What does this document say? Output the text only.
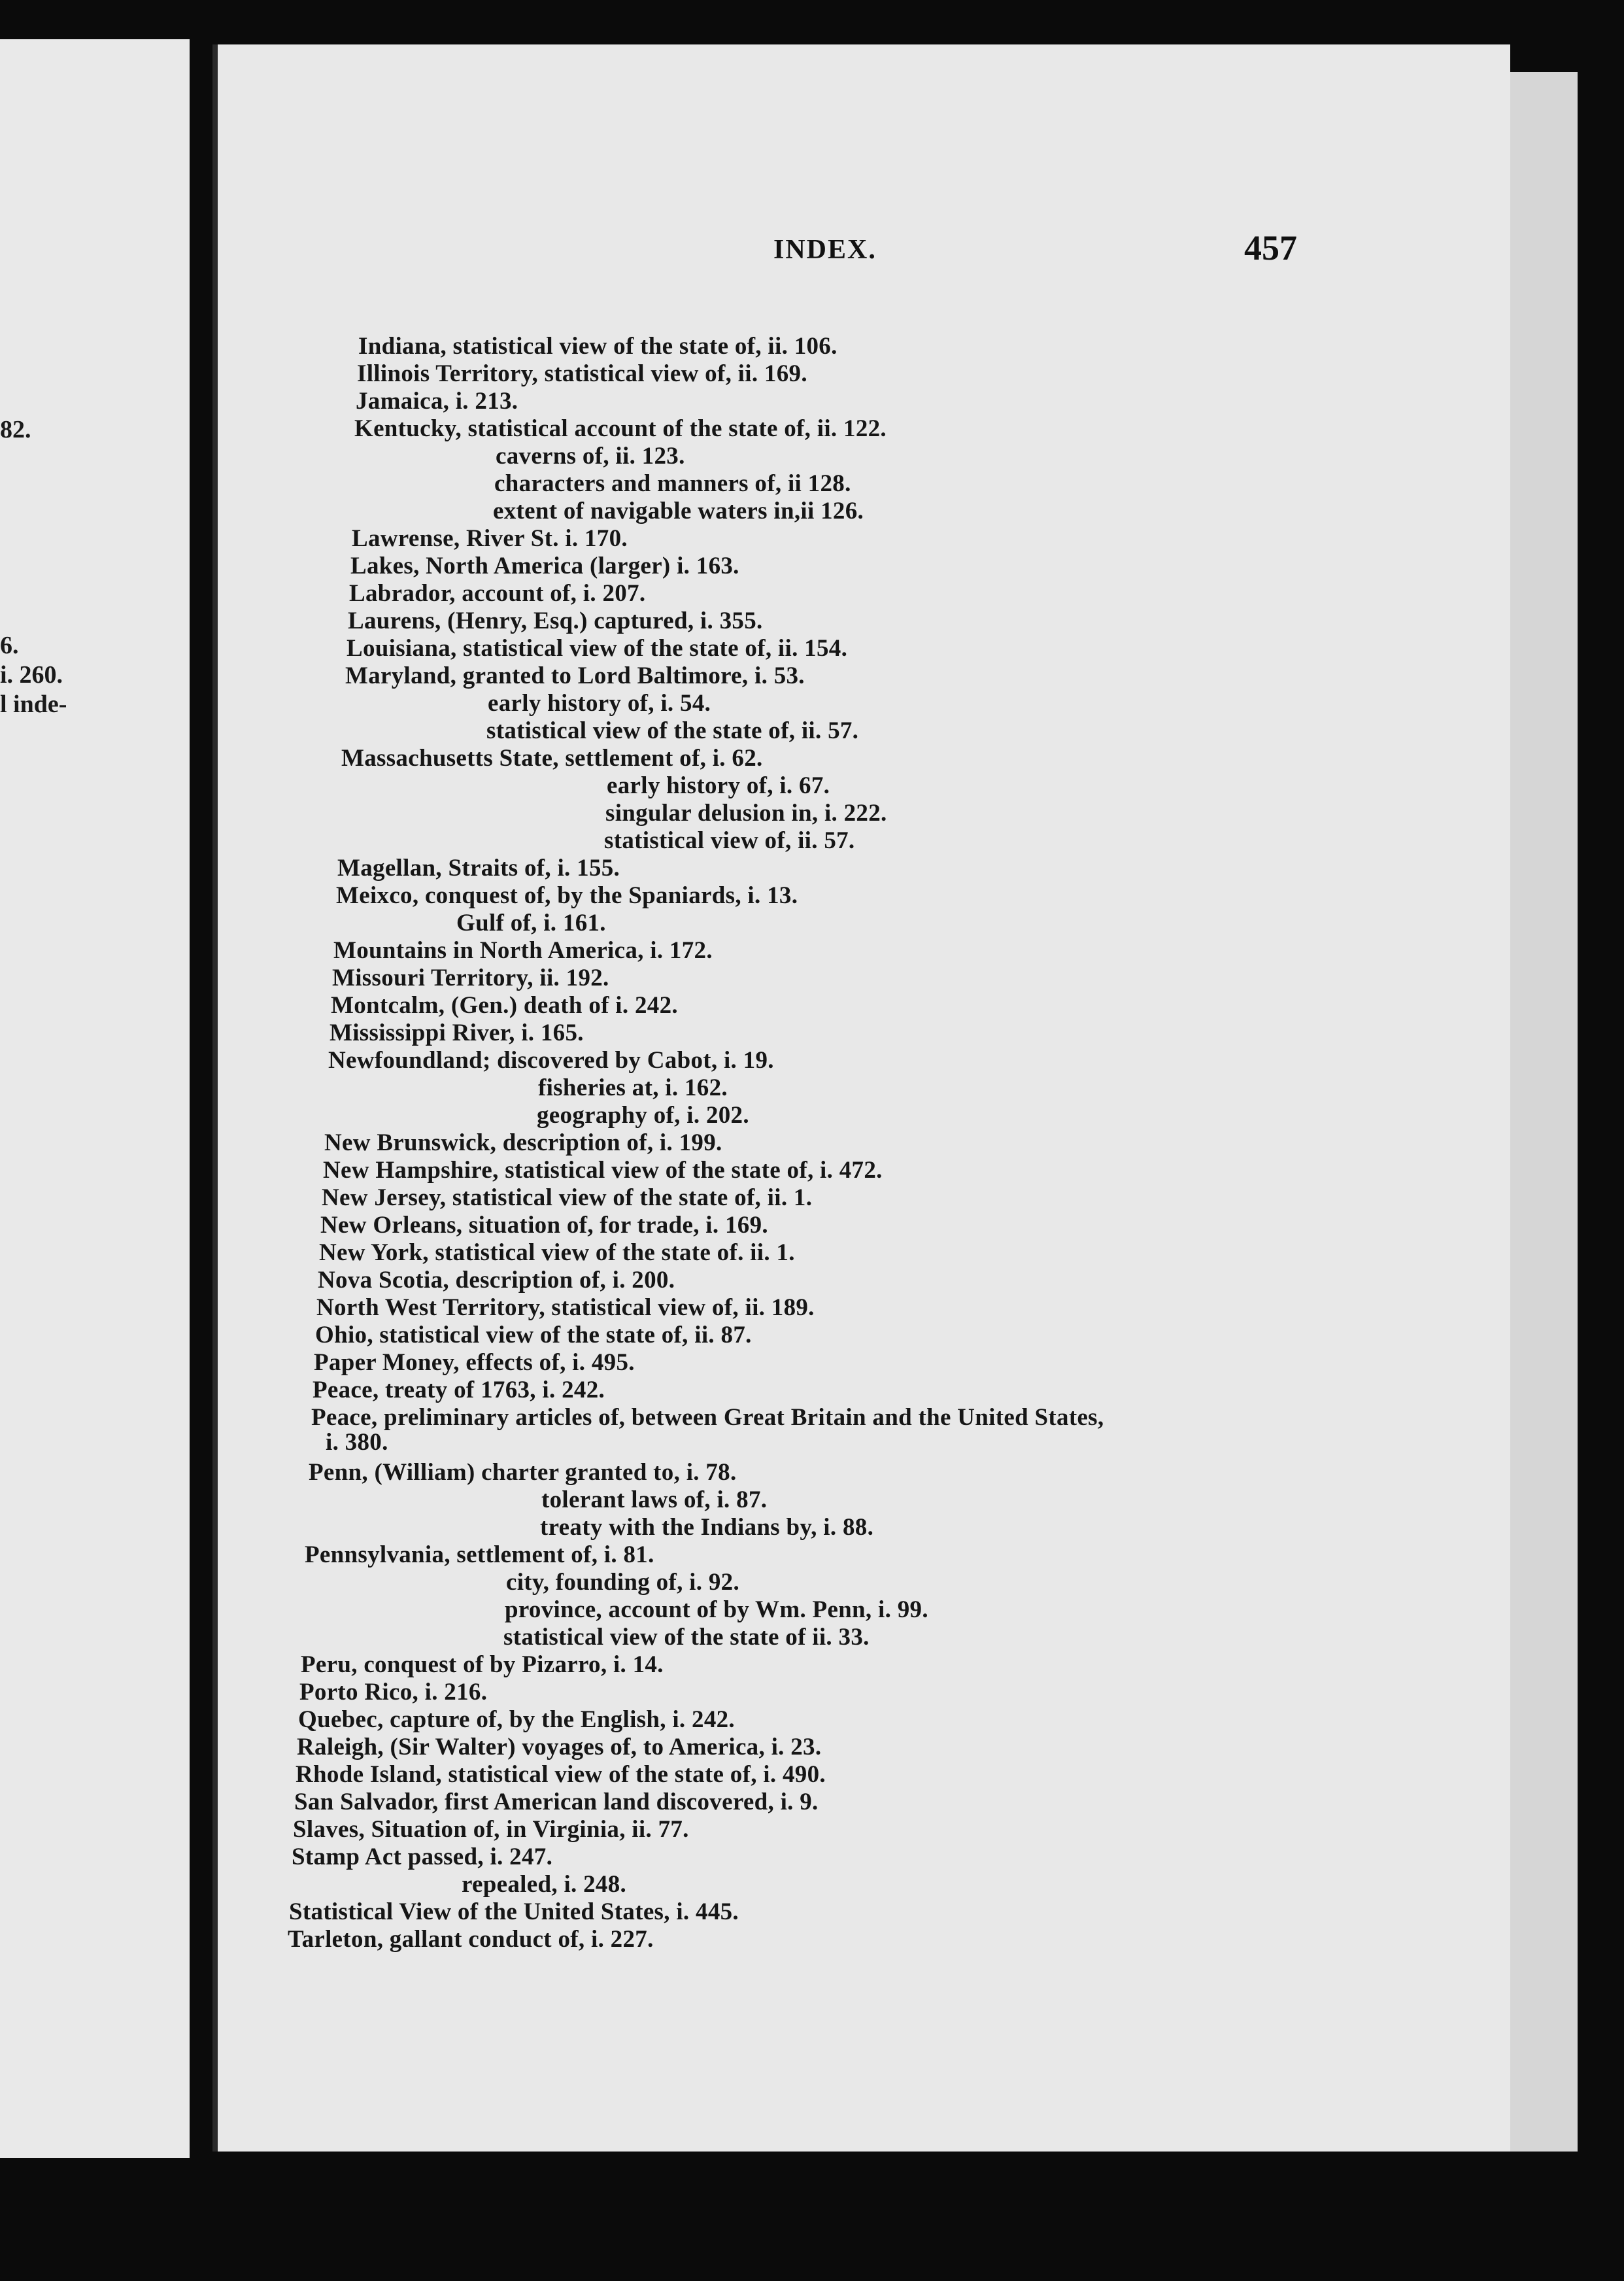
82.
6.
i. 260.
l inde-
INDEX.	457
Indiana, statistical view of the state of, ii. 106.
Illinois Territory, statistical view of, ii. 169.
Jamaica, i. 213.
Kentucky, statistical account of the state of, ii. 122.
caverns of, ii. 123.
characters and manners of, ii 128.
extent of navigable waters in,ii 126.
Lawrense, River St. i. 170.
Lakes, North America (larger) i. 163.
Labrador, account of, i. 207.
Laurens, (Henry, Esq.) captured, i. 355.
Louisiana, statistical view of the state of, ii. 154.
Maryland, granted to Lord Baltimore, i. 53.
early history of, i. 54.
statistical view of the state of, ii. 57.
Massachusetts State, settlement of, i. 62.
early history of, i. 67.
singular delusion in, i. 222.
statistical view of, ii. 57.
Magellan, Straits of, i. 155.
Meixco, conquest of, by the Spaniards, i. 13.
Gulf of, i. 161.
Mountains in North America, i. 172.
Missouri Territory, ii. 192.
Montcalm, (Gen.) death of i. 242.
Mississippi River, i. 165.
Newfoundland; discovered by Cabot, i. 19.
fisheries at, i. 162.
geography of, i. 202.
New Brunswick, description of, i. 199.
New Hampshire, statistical view of the state of, i. 472.
New Jersey, statistical view of the state of, ii. 1.
New Orleans, situation of, for trade, i. 169.
New York, statistical view of the state of. ii. 1.
Nova Scotia, description of, i. 200.
North West Territory, statistical view of, ii. 189.
Ohio, statistical view of the state of, ii. 87.
Paper Money, effects of, i. 495.
Peace, treaty of 1763, i. 242.
Peace, preliminary articles of, between Great Britain and the United States,
i. 380.
Penn, (William) charter granted to, i. 78.
tolerant laws of, i. 87.
treaty with the Indians by, i. 88.
Pennsylvania, settlement of, i. 81.
city, founding of, i. 92.
province, account of by Wm. Penn, i. 99.
statistical view of the state of ii. 33.
Peru, conquest of by Pizarro, i. 14.
Porto Rico, i. 216.
Quebec, capture of, by the English, i. 242.
Raleigh, (Sir Walter) voyages of, to America, i. 23.
Rhode Island, statistical view of the state of, i. 490.
San Salvador, first American land discovered, i. 9.
Slaves, Situation of, in Virginia, ii. 77.
Stamp Act passed, i. 247.
repealed, i. 248.
Statistical View of the United States, i. 445.
Tarleton, gallant conduct of, i. 227.
